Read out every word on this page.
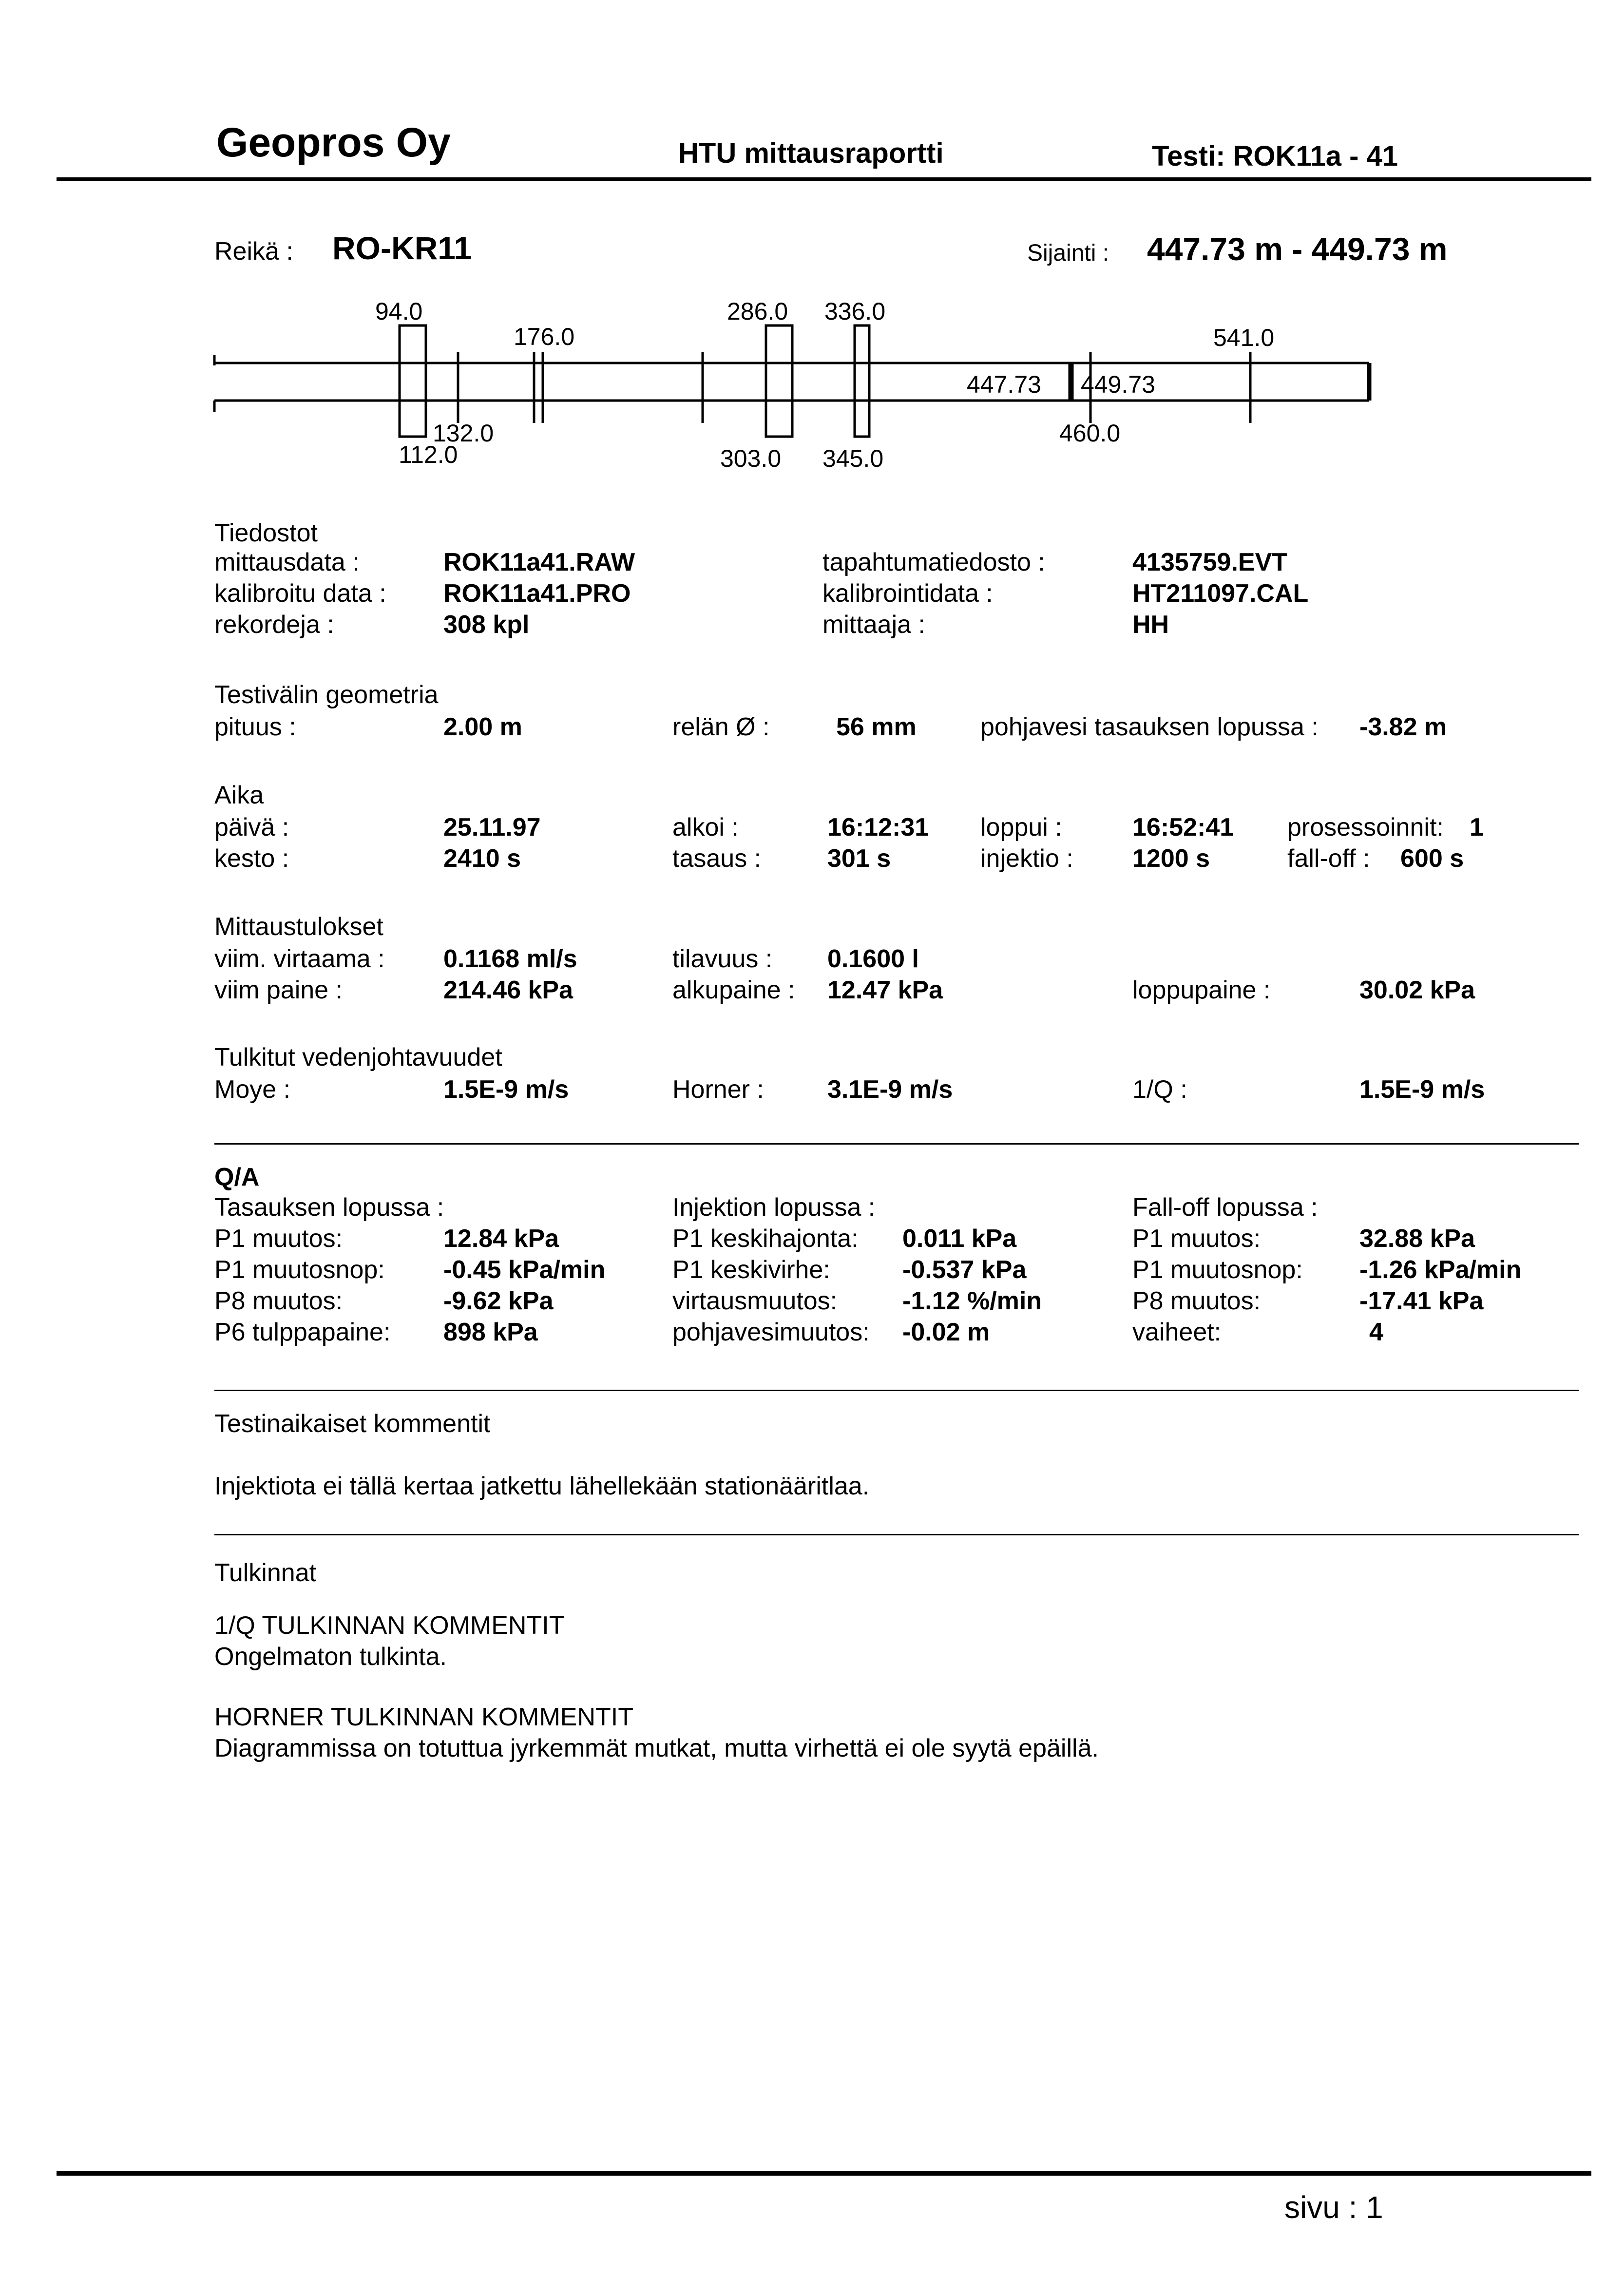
Geopros Oy	HTU mittausraportti	Testi: ROK11a - 41
Reikä : RO-KR11	Sijainti : 447.73 m - 449.73 m
94.0
176.0
286.0 336.0
541.0
132.0
112.0	303.0 345.0
460.0
447.73 449.73
Tiedostot
mittausdata :	ROK11a41.RAW	tapahtumatiedosto :	4135759.EVT
kalibroitu data : ROK11a41.PRO	kalibrointidata :	HT211097.CAL
rekordeja :	308 kpl	mittaaja :	HH
Testivälin geometria
pituus :	2.00 m	relän Ø :	56 mm	pohjavesi tasauksen lopussa : -3.82 m
Aika
päivä :	25.11.97	alkoi :	16:12:31 loppui :	16:52:41 prosessoinnit: 1
kesto :	2410 s	tasaus :	301 s	injektio : 1200 s	fall-off : 600 s
Mittaustulokset
viim. virtaama : 0.1168 ml/s	tilavuus : 0.1600 l
viim paine :	214.46 kPa	alkupaine : 12.47 kPa	loppupaine :	30.02 kPa
Tulkitut vedenjohtavuudet
Moye :	1.5E-9 m/s	Horner :	3.1E-9 m/s	1/Q :	1.5E-9 m/s
Q/A
Tasauksen lopussa :
P1 muutos:	12.84 kPa
P1 muutosnop: -0.45 kPa/min
P8 muutos:	-9.62 kPa
P6 tulppapaine: 898 kPa
Injektion lopussa :
P1 keskihajonta: 0.011 kPa
P1 keskivirhe:	-0.537 kPa
virtausmuutos:	-1.12 %/min
pohjavesimuutos: -0.02 m
Fall-off lopussa :
P1 muutos:	32.88 kPa
P1 muutosnop: -1.26 kPa/min
P8 muutos:	-17.41 kPa
vaiheet:	4
Testinaikaiset kommentit
Injektiota ei tällä kertaa jatkettu lähellekään stationääritlaa.
Tulkinnat
1/Q TULKINNAN KOMMENTIT
Ongelmaton tulkinta.
HORNER TULKINNAN KOMMENTIT
Diagrammissa on totuttua jyrkemmät mutkat, mutta virhettä ei ole syytä epäillä.
sivu : 1
